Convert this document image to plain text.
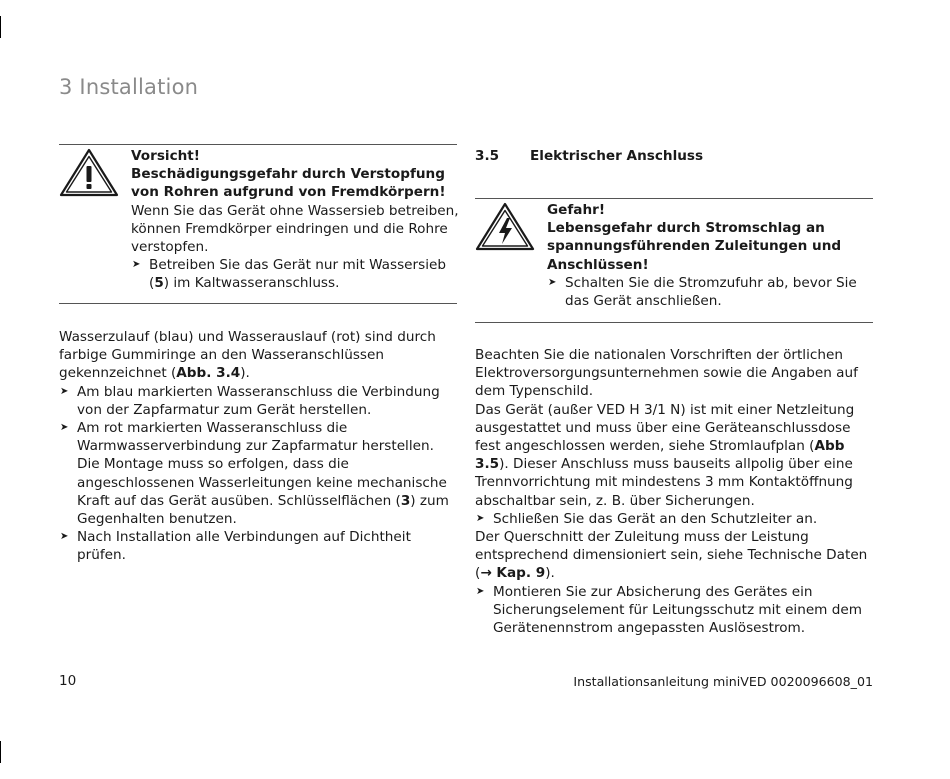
3 Installation
Vorsicht!
Beschädigungsgefahr durch Verstopfung von Rohren aufgrund von Fremdkörpern!
Wenn Sie das Gerät ohne Wassersieb betreiben, können Fremdkörper eindringen und die Rohre verstopfen.
➤ Betreiben Sie das Gerät nur mit Wassersieb (5) im Kaltwasseranschluss.

Wasserzulauf (blau) und Wasserauslauf (rot) sind durch farbige Gummiringe an den Wasseranschlüssen gekennzeichnet (Abb. 3.4).

➤ Am blau markierten Wasseranschluss die Verbindung von der Zapfarmatur zum Gerät herstellen.
➤ Am rot markierten Wasseranschluss die Warmwasserverbindung zur Zapfarmatur herstellen. Die Montage muss so erfolgen, dass die angeschlossenen Wasserleitungen keine mechanische Kraft auf das Gerät ausüben. Schlüsselflächen (3) zum Gegenhalten benutzen.
➤ Nach Installation alle Verbindungen auf Dichtheit prüfen.
3.5 Elektrischer Anschluss
Gefahr!
Lebensgefahr durch Stromschlag an spannungsführenden Zuleitungen und Anschlüssen!
➤ Schalten Sie die Stromzufuhr ab, bevor Sie das Gerät anschließen.

Beachten Sie die nationalen Vorschriften der örtlichen Elektroversorgungsunternehmen sowie die Angaben auf dem Typenschild.

Das Gerät (außer VED H 3/1 N) ist mit einer Netzleitung ausgestattet und muss über eine Geräteanschlussdose fest angeschlossen werden, siehe Stromlaufplan (Abb 3.5). Dieser Anschluss muss bauseits allpolig über eine Trennvorrichtung mit mindestens 3 mm Kontaktöffnung abschaltbar sein, z. B. über Sicherungen.

➤ Schließen Sie das Gerät an den Schutzleiter an.

Der Querschnitt der Zuleitung muss der Leistung entsprechend dimensioniert sein, siehe Technische Daten (→ Kap. 9).

➤ Montieren Sie zur Absicherung des Gerätes ein Sicherungselement für Leitungsschutz mit einem dem Gerätenennstrom angepassten Auslösestrom.
10	Installationsanleitung miniVED 0020096608_01
